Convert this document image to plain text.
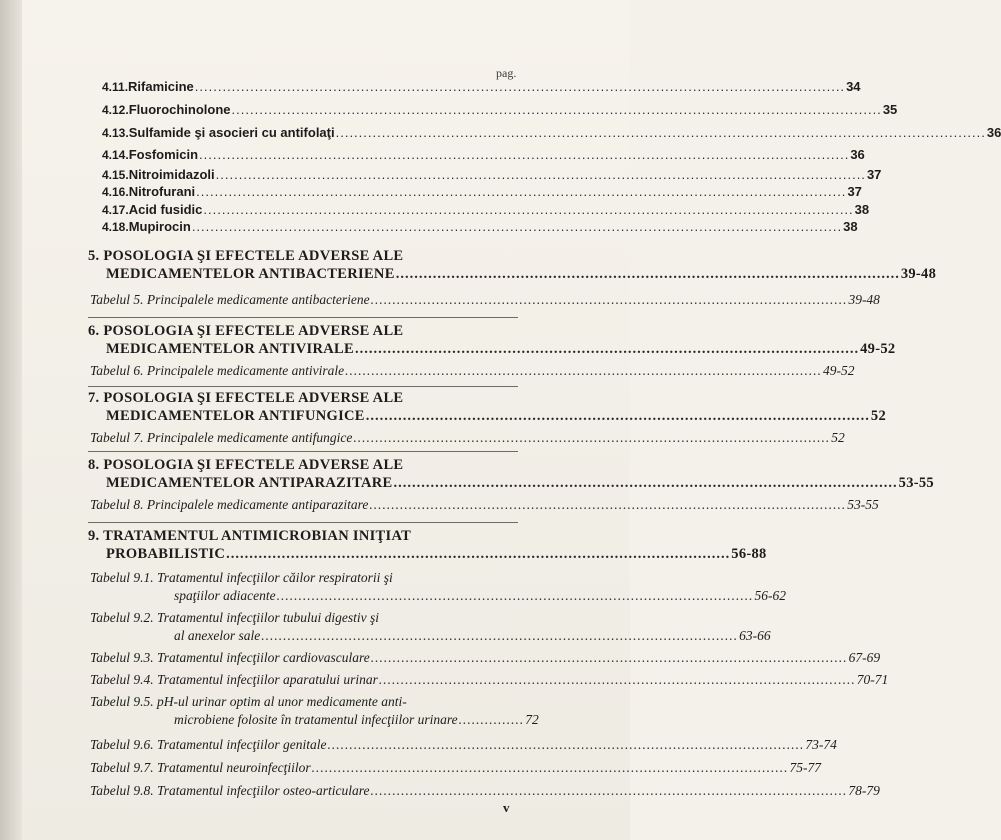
pag.
4.11. Rifamicine ............................................................................................................................................. 34
4.12. Fluorochinolone ............................................................................................................................................. 35
4.13. Sulfamide şi asocieri cu antifolaţi ............................................................................................................................................. 36
4.14. Fosfomicin ............................................................................................................................................. 36
4.15. Nitroimidazoli ............................................................................................................................................. 37
4.16. Nitrofurani ............................................................................................................................................. 37
4.17. Acid fusidic ............................................................................................................................................. 38
4.18. Mupirocin ............................................................................................................................................. 38
5. POSOLOGIA ŞI EFECTELE ADVERSE ALE
MEDICAMENTELOR ANTIBACTERIENE ............................................................................................................. 39-48
Tabelul 5. Principalele medicamente antibacteriene ............................................................................................................. 39-48
6. POSOLOGIA ŞI EFECTELE ADVERSE ALE
MEDICAMENTELOR ANTIVIRALE ............................................................................................................. 49-52
Tabelul 6. Principalele medicamente antivirale ............................................................................................................. 49-52
7. POSOLOGIA ŞI EFECTELE ADVERSE ALE
MEDICAMENTELOR ANTIFUNGICE ............................................................................................................. 52
Tabelul 7. Principalele medicamente antifungice ............................................................................................................. 52
8. POSOLOGIA ŞI EFECTELE ADVERSE ALE
MEDICAMENTELOR ANTIPARAZITARE ............................................................................................................. 53-55
Tabelul 8. Principalele medicamente antiparazitare ............................................................................................................. 53-55
9. TRATAMENTUL ANTIMICROBIAN INIŢIAT
PROBABILISTIC ............................................................................................................. 56-88
Tabelul 9.1. Tratamentul infecţiilor căilor respiratorii şi
spaţiilor adiacente ............................................................................................................. 56-62
Tabelul 9.2. Tratamentul infecţiilor tubului digestiv şi
al anexelor sale ............................................................................................................. 63-66
Tabelul 9.3. Tratamentul infecţiilor cardiovasculare ............................................................................................................. 67-69
Tabelul 9.4. Tratamentul infecţiilor aparatului urinar ............................................................................................................. 70-71
Tabelul 9.5. pH-ul urinar optim al unor medicamente anti-
microbiene folosite în tratamentul infecţiilor urinare ............... 72
Tabelul 9.6. Tratamentul infecţiilor genitale ............................................................................................................. 73-74
Tabelul 9.7. Tratamentul neuroinfecţiilor ............................................................................................................. 75-77
Tabelul 9.8. Tratamentul infecţiilor osteo-articulare ............................................................................................................. 78-79
v
